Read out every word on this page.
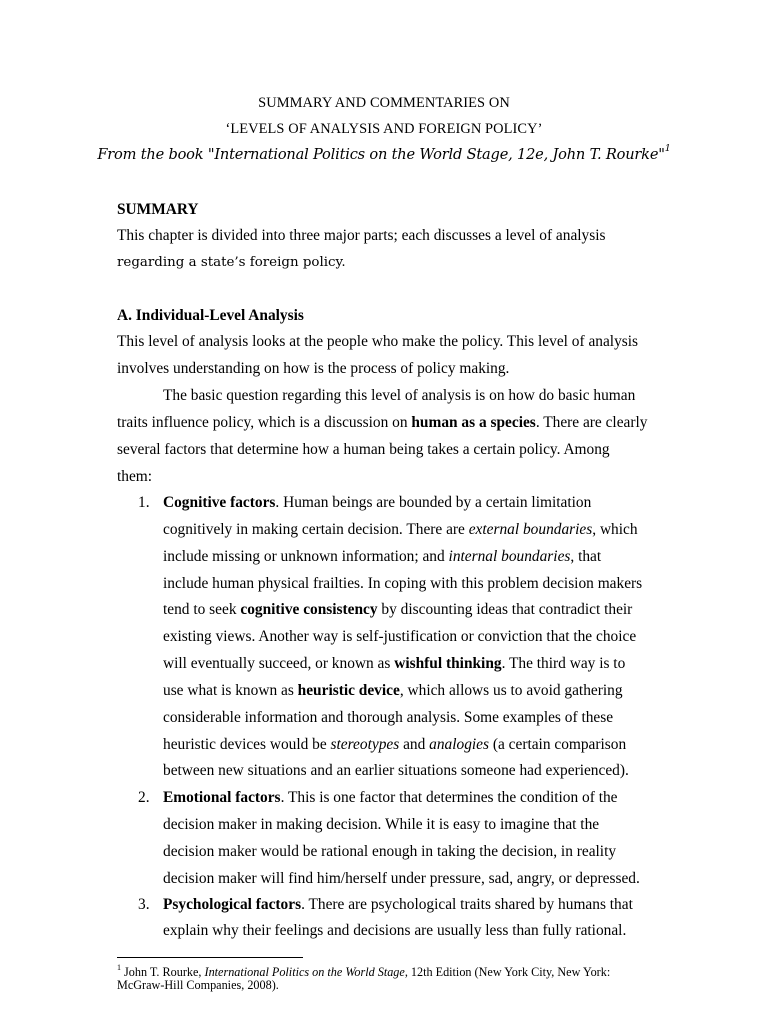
SUMMARY AND COMMENTARIES ON
‘LEVELS OF ANALYSIS AND FOREIGN POLICY’
From the book "International Politics on the World Stage, 12e, John T. Rourke"$^1$
SUMMARY
This chapter is divided into three major parts; each discusses a level of analysis
regarding a state’s foreign policy.
A. Individual-Level Analysis
This level of analysis looks at the people who make the policy. This level of analysis
involves understanding on how is the process of policy making.
The basic question regarding this level of analysis is on how do basic human
traits influence policy, which is a discussion on human as a species. There are clearly
several factors that determine how a human being takes a certain policy. Among
them:
1. Cognitive factors. Human beings are bounded by a certain limitation
cognitively in making certain decision. There are external boundaries, which
include missing or unknown information; and internal boundaries, that
include human physical frailties. In coping with this problem decision makers
tend to seek cognitive consistency by discounting ideas that contradict their
existing views. Another way is self-justification or conviction that the choice
will eventually succeed, or known as wishful thinking. The third way is to
use what is known as heuristic device, which allows us to avoid gathering
considerable information and thorough analysis. Some examples of these
heuristic devices would be stereotypes and analogies (a certain comparison
between new situations and an earlier situations someone had experienced).
2. Emotional factors. This is one factor that determines the condition of the
decision maker in making decision. While it is easy to imagine that the
decision maker would be rational enough in taking the decision, in reality
decision maker will find him/herself under pressure, sad, angry, or depressed.
3. Psychological factors. There are psychological traits shared by humans that
explain why their feelings and decisions are usually less than fully rational.
$^1$ John T. Rourke, International Politics on the World Stage, 12th Edition (New York City, New York:
McGraw-Hill Companies, 2008).
